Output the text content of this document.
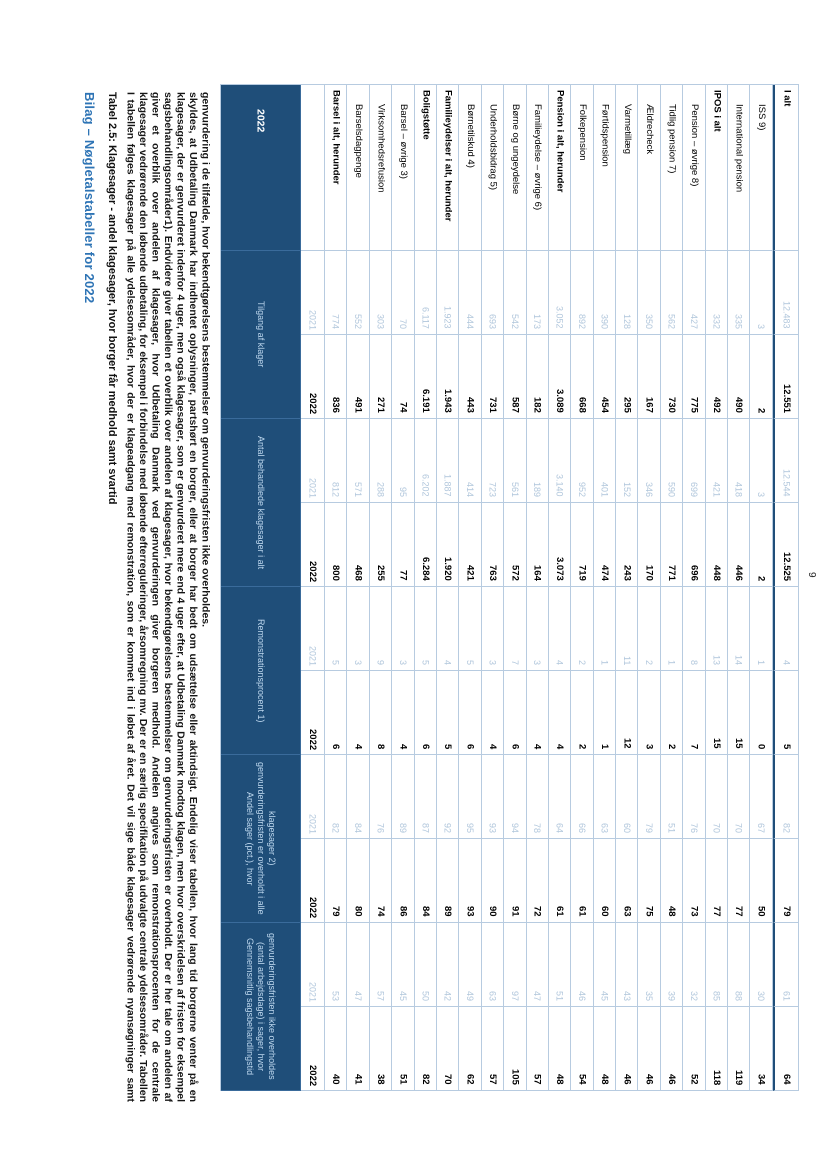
Bilag – Nøgletalstabeller for 2022 Tabel 2.5: Klagesager - andel klagesager, hvor borger får medhold samt svartid I tabellen følges klagesager på alle ydelsesområder, hvor der er klageadgang med remonstration, som er kommet ind i løbet af året. Det vil sige både klagesager vedrørende nyansøgninger samt klagesager vedrørende den løbende udbetaling, for eksempel i forbindelse med løbende efterreguleringer, årsomregning mv. Der er en særlig specifikation på udvalgte centrale ydelsesområder. Tabellen giver et overblik over andelen af klagesager, hvor Udbetaling Danmark ved genvurderingen giver borgeren medhold. Andelen angives som remonstrationsprocenten for de centrale sagsbehandlingsområder1). Endvidere giver tabellen et overblik over andelen af klagesager, hvor bekendtgørelsens bestemmelser om genvurderingsfristen er overholdt. Der er her tale om andelen af klagesager, der er genvurderet indenfor 4 uger, men også klagesager, som er genvurderet mere end 4 uger efter, at Udbetaling Danmark modtog klagen, men hvor overskridelsen af fristen for eksempel skyldes, at Udbetaling Danmark har indhentet oplysninger, partshørt en borger, eller at borger har bedt om udsættelse eller aktindsigt. Endelig viser tabellen, hvor lang tid borgerne venter på en genvurdering i de tilfælde, hvor bekendtgørelsens bestemmelser om genvurderingsfristen ikke overholdes.	2022
Tilgang af klager
Antal behandlede klagesager i alt
Remonstrationsprocent 1)
Andel sager (pct.), hvor genvurderingsfristen er overholdt i alle klagesager 2)
Gennemsnitlig sagsbehandlingstid (antal arbejdsdage) i sager, hvor genvurderingsfristen ikke overholdes
2021
2022
2021
2022
2021
2022
2021
2022
2021
2022
Barsel i alt, herunder
774
836
812
800
5
6
82
79
53
40
Barselsdagpenge
552
491
571
468
3
4
84
80
47
41
Virksomhedsrefusion
303
271
288
255
9
8
76
74
57
38
Barsel – øvrige 3)
70
74
95
77
3
4
89
86
45
51
Boligstøtte
6.117
6.191
6.202
6.284
5
6
87
84
50
82
Familieydelser i alt, herunder
1.923
1.943
1.887
1.920
4
5
92
89
42
70
Børnetilskud 4)
444
443
414
421
5
6
95
93
49
62
Underholdsbidrag 5)
693
731
723
763
3
4
93
90
63
57
Børne og ungeydelse
542
587
561
572
7
6
94
91
97
105
Familieydelse – øvrige 6)
173
182
189
164
3
4
78
72
47
57
Pension i alt, herunder
3.052
3.089
3.140
3.073
4
4
64
61
51
48
Folkepension
892
668
952
719
2
2
66
61
46
54
Førtidspension
390
454
401
474
1
1
63
60
45
48
Varmetillæg
128
295
152
243
11
12
60
63
43
46
Ældrecheck
350
167
346
170
2
3
79
75
35
46
Tidlig pension 7)
562
730
590
771
1
2
51
48
39
46
Pension – øvrige 8)
427
775
699
696
8
7
76
73
32
52
IPOS i alt
332
492
421
448
13
15
70
77
85
118
International pension
335
490
418
446
14
15
70
77
88
119
ISS 9)
3
2
3
2
1
0
67
50
30
34
I alt
12.483
12.551
12.544
12.525
4
5
82
79
61
64
9
